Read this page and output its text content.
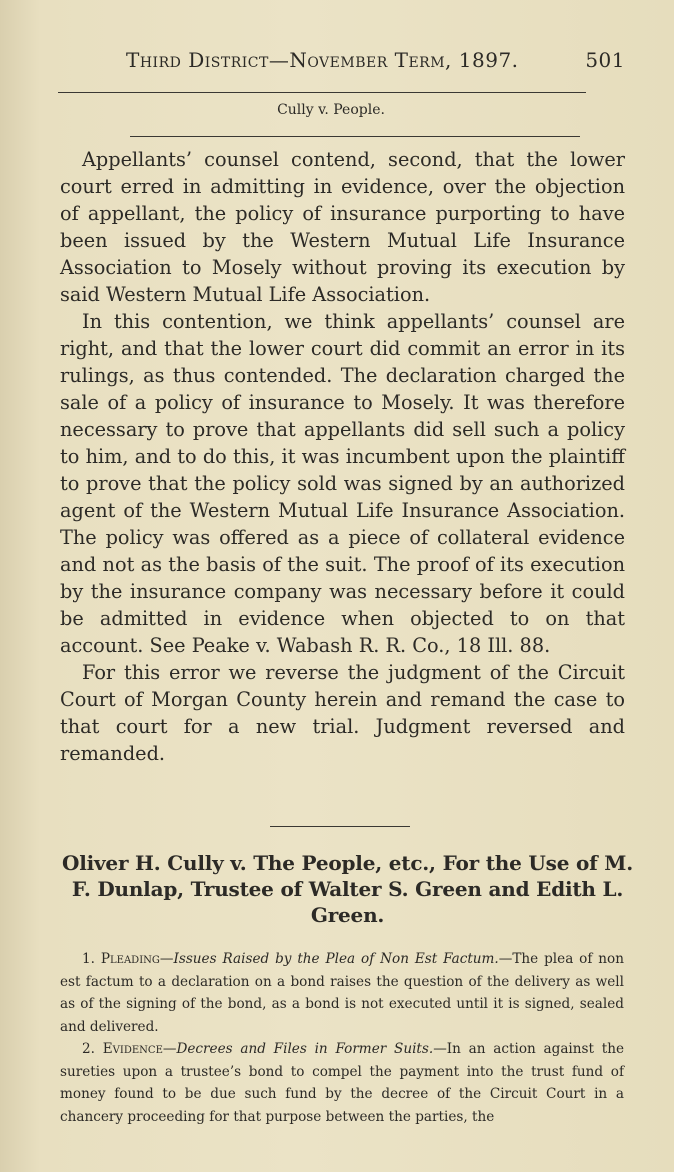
Third District—November Term, 1897.	501
Cully v. People.

Appellants’ counsel contend, second, that the lower court erred in admitting in evidence, over the objection of appellant, the policy of insurance purporting to have been issued by the Western Mutual Life Insurance Association to Mosely without proving its execution by said Western Mutual Life Association.

In this contention, we think appellants’ counsel are right, and that the lower court did commit an error in its rulings, as thus contended. The declaration charged the sale of a policy of insurance to Mosely. It was therefore necessary to prove that appellants did sell such a policy to him, and to do this, it was incumbent upon the plaintiff to prove that the policy sold was signed by an authorized agent of the Western Mutual Life Insurance Association. The policy was offered as a piece of collateral evidence and not as the basis of the suit. The proof of its execution by the insurance company was necessary before it could be admitted in evidence when objected to on that account. See Peake v. Wabash R. R. Co., 18 Ill. 88.

For this error we reverse the judgment of the Circuit Court of Morgan County herein and remand the case to that court for a new trial. Judgment reversed and remanded.

Oliver H. Cully v. The People, etc., For the Use of M. F. Dunlap, Trustee of Walter S. Green and Edith L. Green.

1. Pleading—Issues Raised by the Plea of Non Est Factum.—The plea of non est factum to a declaration on a bond raises the question of the delivery as well as of the signing of the bond, as a bond is not executed until it is signed, sealed and delivered.

2. Evidence—Decrees and Files in Former Suits.—In an action against the sureties upon a trustee’s bond to compel the payment into the trust fund of money found to be due such fund by the decree of the Circuit Court in a chancery proceeding for that purpose between the parties, the
